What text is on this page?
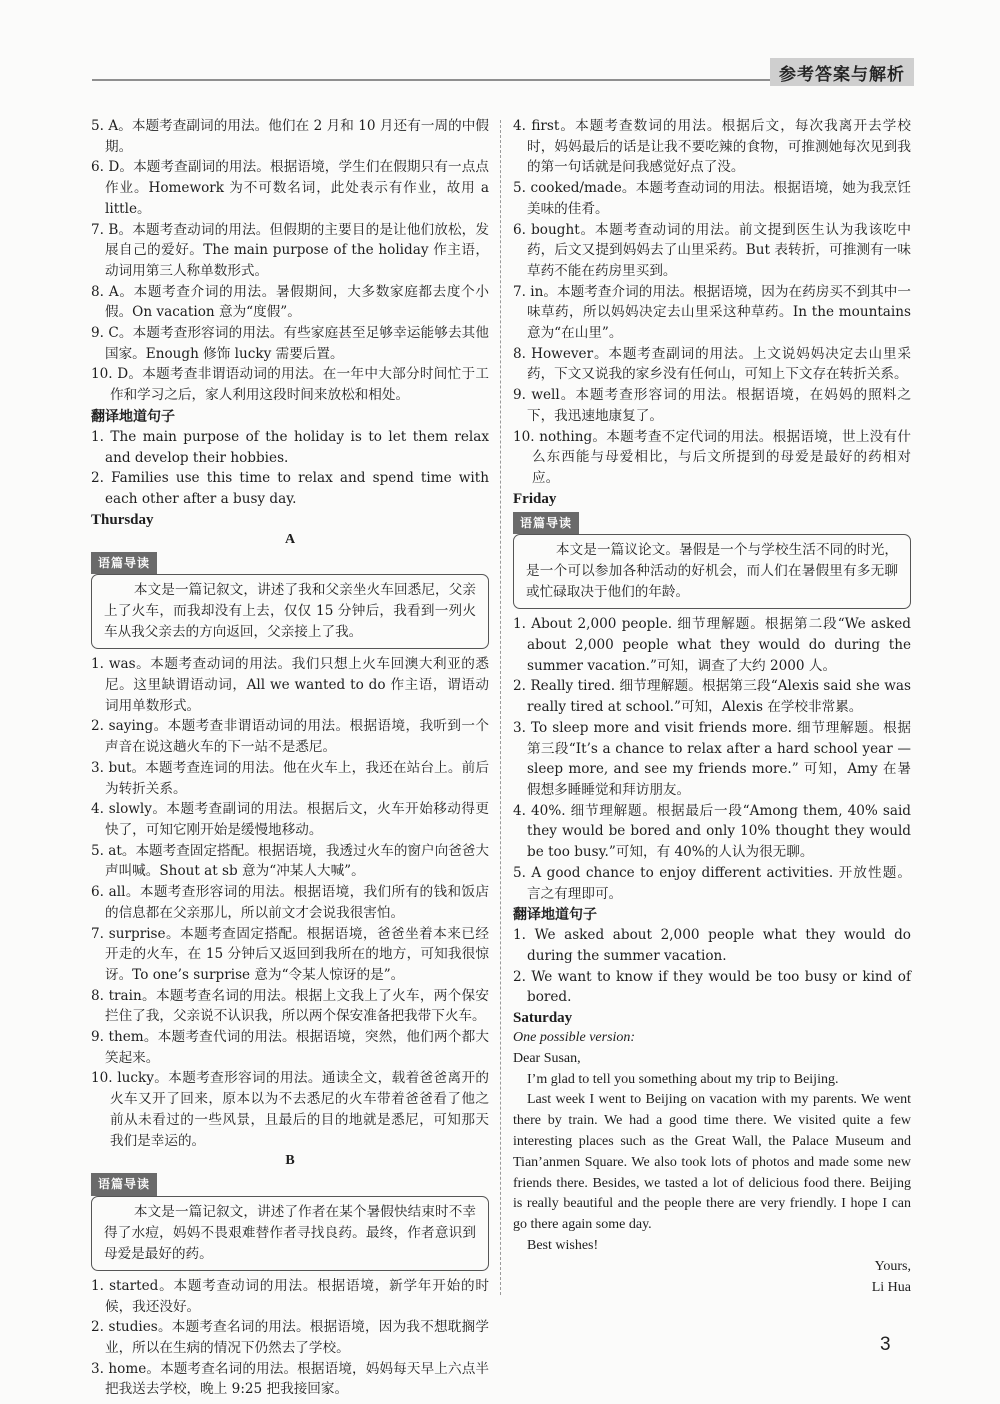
参考答案与解析
5. A。本题考查副词的用法。他们在 2 月和 10 月还有一周的中假期。
6. D。本题考查副词的用法。根据语境，学生们在假期只有一点点作业。Homework 为不可数名词，此处表示有作业，故用 a little。
7. B。本题考查动词的用法。但假期的主要目的是让他们放松，发展自己的爱好。The main purpose of the holiday 作主语，动词用第三人称单数形式。
8. A。本题考查介词的用法。暑假期间，大多数家庭都去度个小假。On vacation 意为“度假”。
9. C。本题考查形容词的用法。有些家庭甚至足够幸运能够去其他国家。Enough 修饰 lucky 需要后置。
10. D。本题考查非谓语动词的用法。在一年中大部分时间忙于工作和学习之后，家人利用这段时间来放松和相处。
翻译地道句子
1. The main purpose of the holiday is to let them relax and develop their hobbies.
2. Families use this time to relax and spend time with each other after a busy day.
Thursday
A
语篇导读
本文是一篇记叙文，讲述了我和父亲坐火车回悉尼，父亲上了火车，而我却没有上去，仅仅 15 分钟后，我看到一列火车从我父亲去的方向返回，父亲接上了我。
1. was。本题考查动词的用法。我们只想上火车回澳大利亚的悉尼。这里缺谓语动词，All we wanted to do 作主语，谓语动词用单数形式。
2. saying。本题考查非谓语动词的用法。根据语境，我听到一个声音在说这趟火车的下一站不是悉尼。
3. but。本题考查连词的用法。他在火车上，我还在站台上。前后为转折关系。
4. slowly。本题考查副词的用法。根据后文，火车开始移动得更快了，可知它刚开始是缓慢地移动。
5. at。本题考查固定搭配。根据语境，我透过火车的窗户向爸爸大声叫喊。Shout at sb 意为“冲某人大喊”。
6. all。本题考查形容词的用法。根据语境，我们所有的钱和饭店的信息都在父亲那儿，所以前文才会说我很害怕。
7. surprise。本题考查固定搭配。根据语境，爸爸坐着本来已经开走的火车，在 15 分钟后又返回到我所在的地方，可知我很惊讶。To one’s surprise 意为“令某人惊讶的是”。
8. train。本题考查名词的用法。根据上文我上了火车，两个保安拦住了我，父亲说不认识我，所以两个保安准备把我带下火车。
9. them。本题考查代词的用法。根据语境，突然，他们两个都大笑起来。
10. lucky。本题考查形容词的用法。通读全文，载着爸爸离开的火车又开了回来，原本以为不去悉尼的火车带着爸爸看了他之前从未看过的一些风景，且最后的目的地就是悉尼，可知那天我们是幸运的。
B
语篇导读
本文是一篇记叙文，讲述了作者在某个暑假快结束时不幸得了水痘，妈妈不畏艰难替作者寻找良药。最终，作者意识到母爱是最好的药。
1. started。本题考查动词的用法。根据语境，新学年开始的时候，我还没好。
2. studies。本题考查名词的用法。根据语境，因为我不想耽搁学业，所以在生病的情况下仍然去了学校。
3. home。本题考查名词的用法。根据语境，妈妈每天早上六点半把我送去学校，晚上 9:25 把我接回家。
4. first。本题考查数词的用法。根据后文，每次我离开去学校时，妈妈最后的话是让我不要吃辣的食物，可推测她每次见到我的第一句话就是问我感觉好点了没。
5. cooked/made。本题考查动词的用法。根据语境，她为我烹饪美味的佳肴。
6. bought。本题考查动词的用法。前文提到医生认为我该吃中药，后文又提到妈妈去了山里采药。But 表转折，可推测有一味草药不能在药房里买到。
7. in。本题考查介词的用法。根据语境，因为在药房买不到其中一味草药，所以妈妈决定去山里采这种草药。In the mountains 意为“在山里”。
8. However。本题考查副词的用法。上文说妈妈决定去山里采药，下文又说我的家乡没有任何山，可知上下文存在转折关系。
9. well。本题考查形容词的用法。根据语境，在妈妈的照料之下，我迅速地康复了。
10. nothing。本题考查不定代词的用法。根据语境，世上没有什么东西能与母爱相比，与后文所提到的母爱是最好的药相对应。
Friday
语篇导读
本文是一篇议论文。暑假是一个与学校生活不同的时光，是一个可以参加各种活动的好机会，而人们在暑假里有多无聊或忙碌取决于他们的年龄。
1. About 2,000 people. 细节理解题。根据第二段“We asked about 2,000 people what they would do during the summer vacation.”可知，调查了大约 2000 人。
2. Really tired. 细节理解题。根据第三段“Alexis said she was really tired at school.”可知，Alexis 在学校非常累。
3. To sleep more and visit friends more. 细节理解题。根据第三段“It’s a chance to relax after a hard school year — sleep more, and see my friends more.” 可知，Amy 在暑假想多睡睡觉和拜访朋友。
4. 40%. 细节理解题。根据最后一段“Among them, 40% said they would be bored and only 10% thought they would be too busy.”可知，有 40%的人认为很无聊。
5. A good chance to enjoy different activities. 开放性题。言之有理即可。
翻译地道句子
1. We asked about 2,000 people what they would do during the summer vacation.
2. We want to know if they would be too busy or kind of bored.
Saturday
One possible version:
Dear Susan,
I’m glad to tell you something about my trip to Beijing.
Last week I went to Beijing on vacation with my parents. We went there by train. We had a good time there. We visited quite a few interesting places such as the Great Wall, the Palace Museum and Tian’anmen Square. We also took lots of photos and made some new friends there. Besides, we tasted a lot of delicious food there. Beijing is really beautiful and the people there are very friendly. I hope I can go there again some day.
Best wishes!
Yours,
Li Hua
3
